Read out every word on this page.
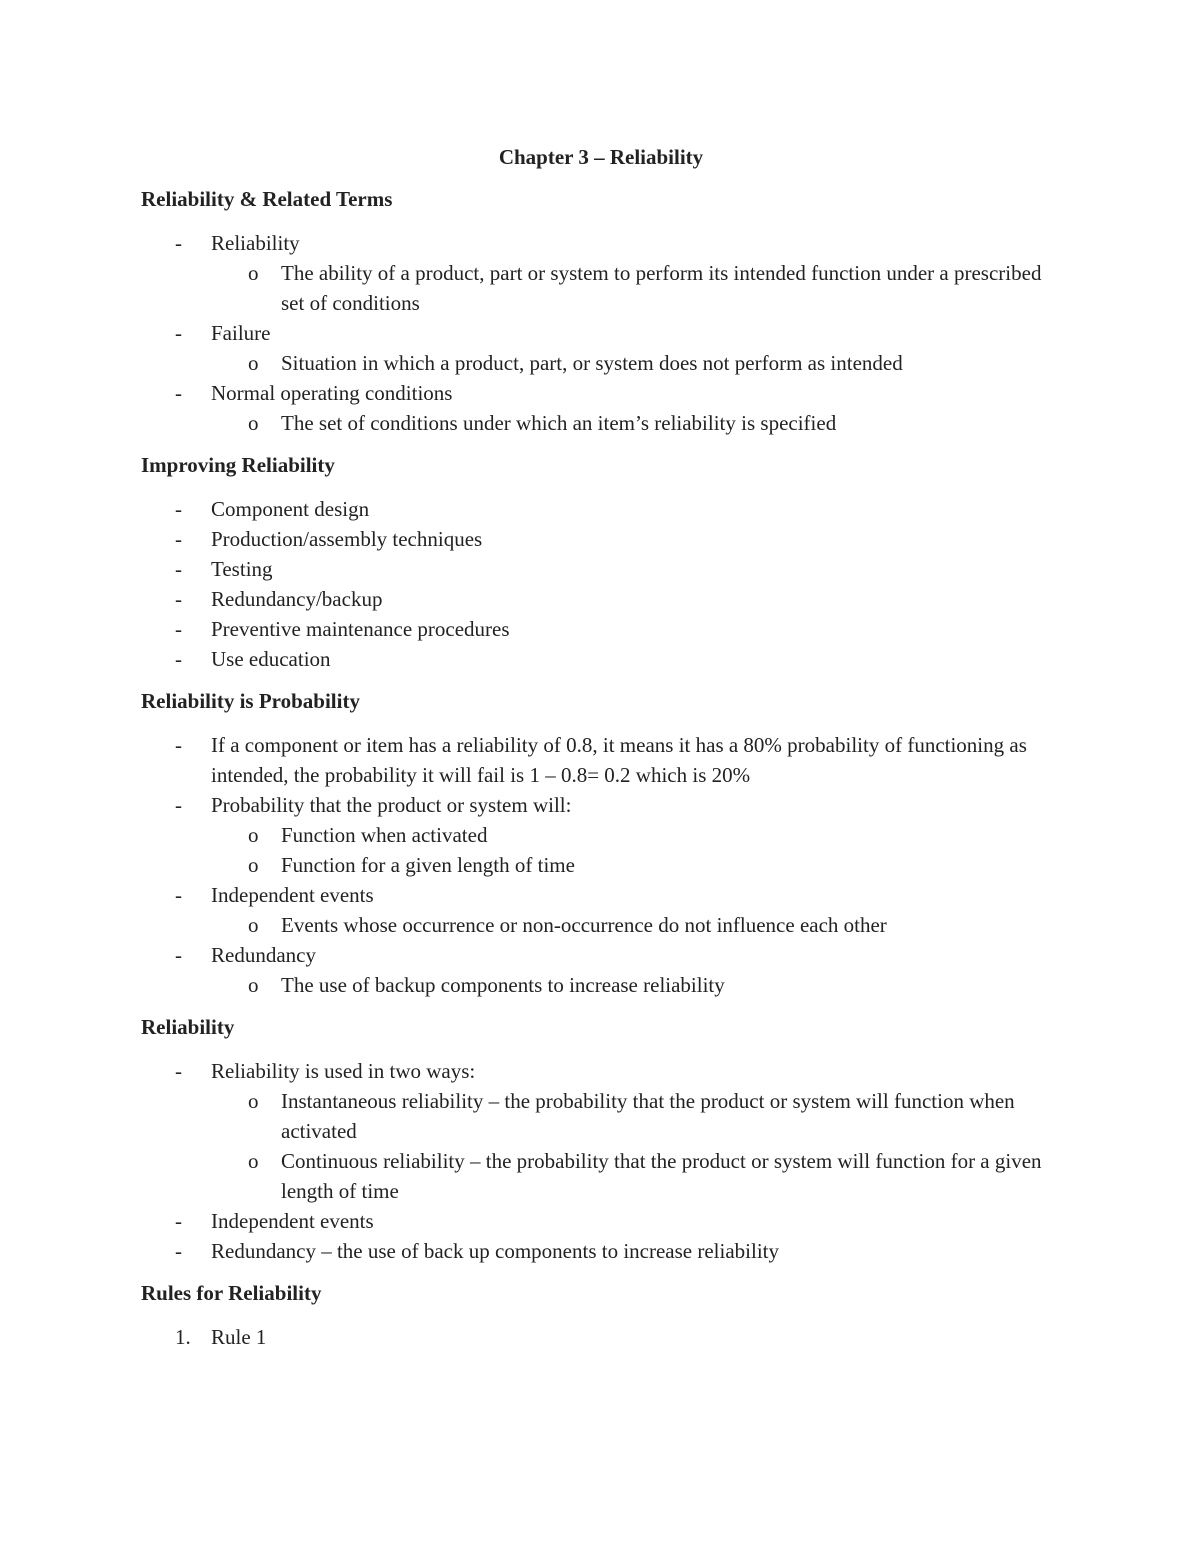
Chapter 3 – Reliability
Reliability & Related Terms
- Reliability
o The ability of a product, part or system to perform its intended function under a prescribed set of conditions
- Failure
o Situation in which a product, part, or system does not perform as intended
- Normal operating conditions
o The set of conditions under which an item’s reliability is specified
Improving Reliability
- Component design
- Production/assembly techniques
- Testing
- Redundancy/backup
- Preventive maintenance procedures
- Use education
Reliability is Probability
- If a component or item has a reliability of 0.8, it means it has a 80% probability of functioning as intended, the probability it will fail is 1 – 0.8= 0.2 which is 20%
- Probability that the product or system will:
o Function when activated
o Function for a given length of time
- Independent events
o Events whose occurrence or non-occurrence do not influence each other
- Redundancy
o The use of backup components to increase reliability
Reliability
- Reliability is used in two ways:
o Instantaneous reliability – the probability that the product or system will function when activated
o Continuous reliability – the probability that the product or system will function for a given length of time
- Independent events
- Redundancy – the use of back up components to increase reliability
Rules for Reliability
1. Rule 1
